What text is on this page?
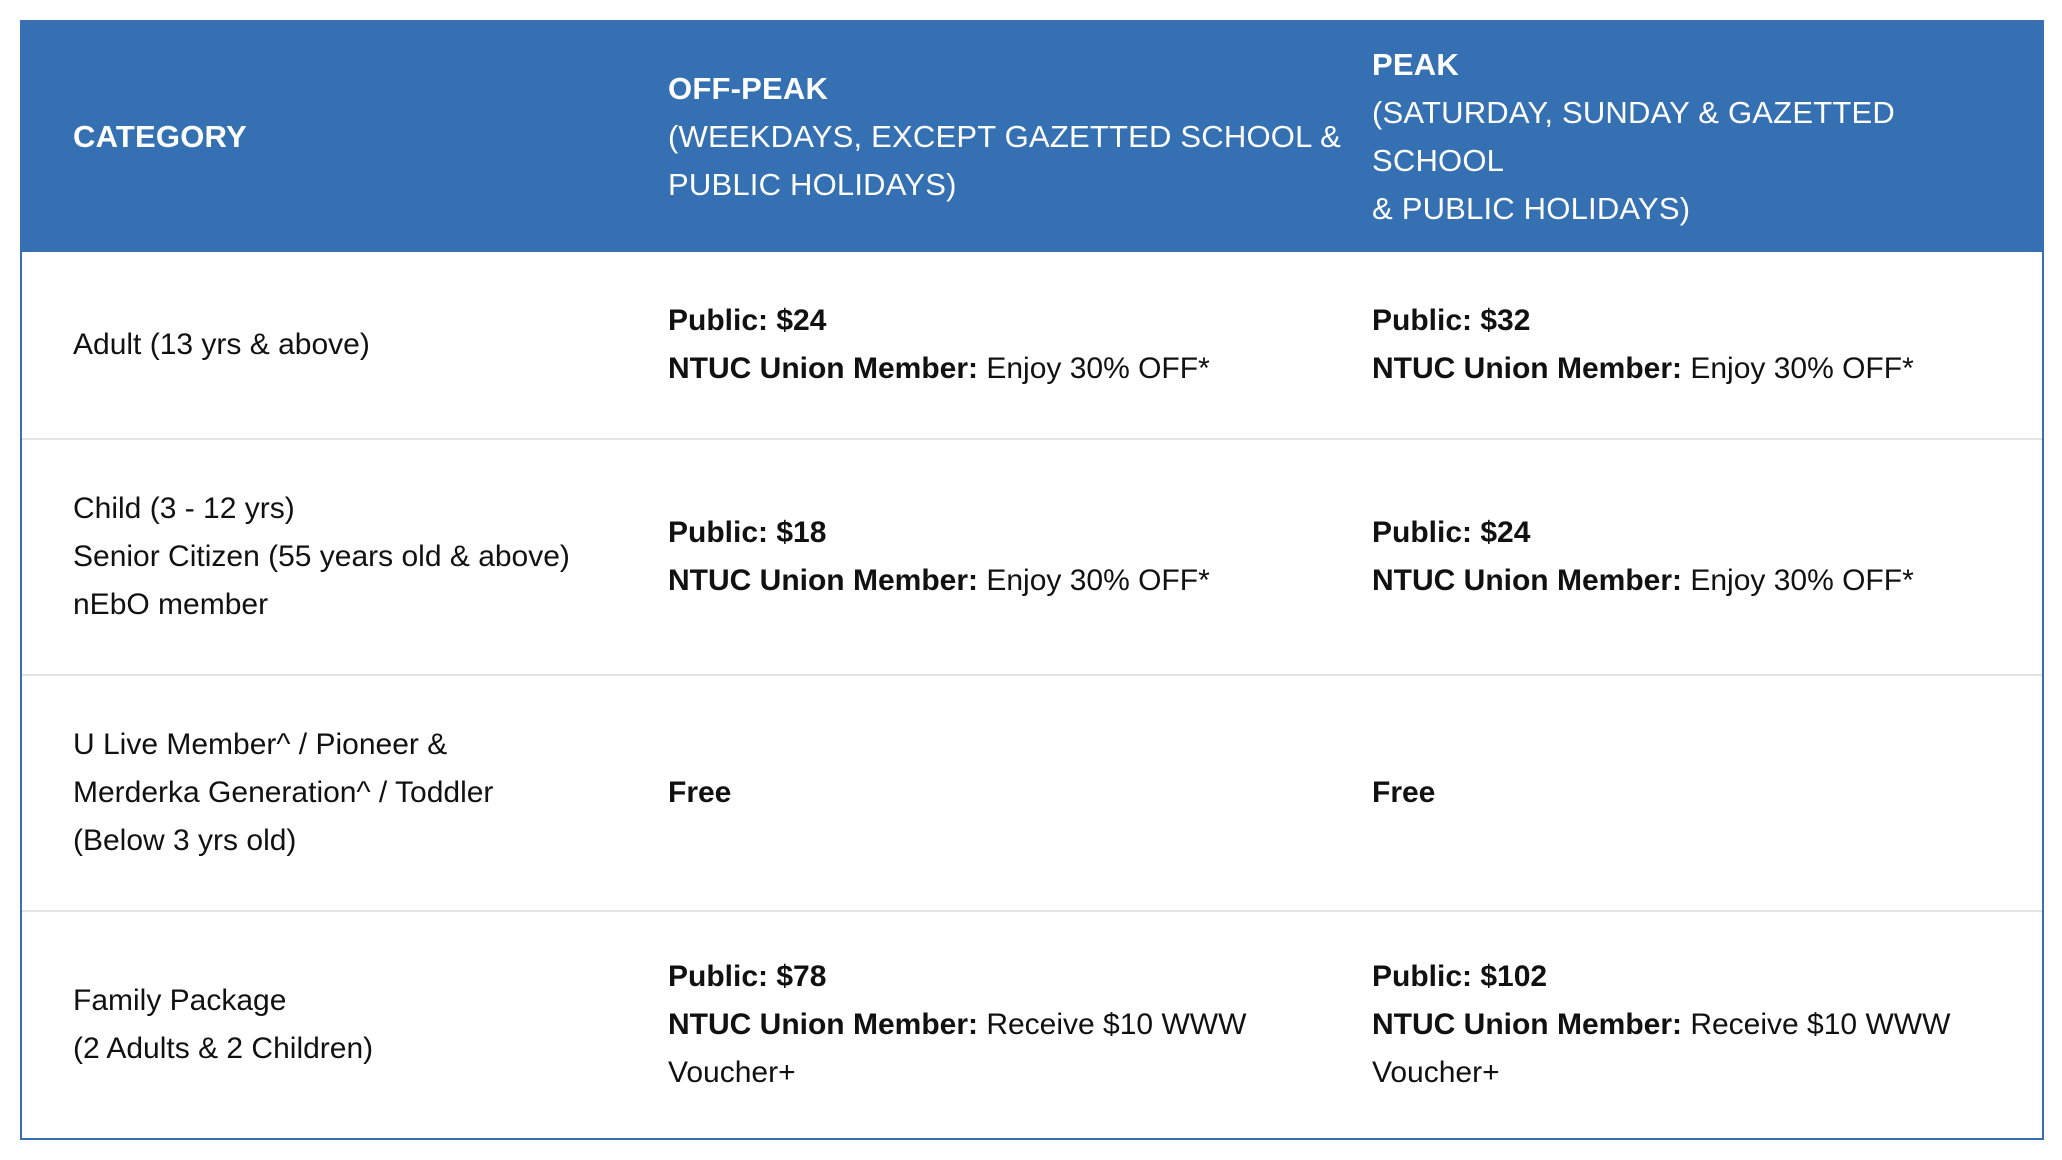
CATEGORY
OFF-PEAK
(WEEKDAYS, EXCEPT GAZETTED SCHOOL &
PUBLIC HOLIDAYS)
PEAK
(SATURDAY, SUNDAY & GAZETTED SCHOOL
& PUBLIC HOLIDAYS)
Adult (13 yrs & above)
Public: $24
NTUC Union Member: Enjoy 30% OFF*
Public: $32
NTUC Union Member: Enjoy 30% OFF*
Child (3 - 12 yrs)
Senior Citizen (55 years old & above)
nEbO member
Public: $18
NTUC Union Member: Enjoy 30% OFF*
Public: $24
NTUC Union Member: Enjoy 30% OFF*
U Live Member^ / Pioneer &
Merderka Generation^ / Toddler
(Below 3 yrs old)
Free	Free
Family Package
(2 Adults & 2 Children)
Public: $78
NTUC Union Member: Receive $10 WWW
Voucher+
Public: $102
NTUC Union Member: Receive $10 WWW
Voucher+
